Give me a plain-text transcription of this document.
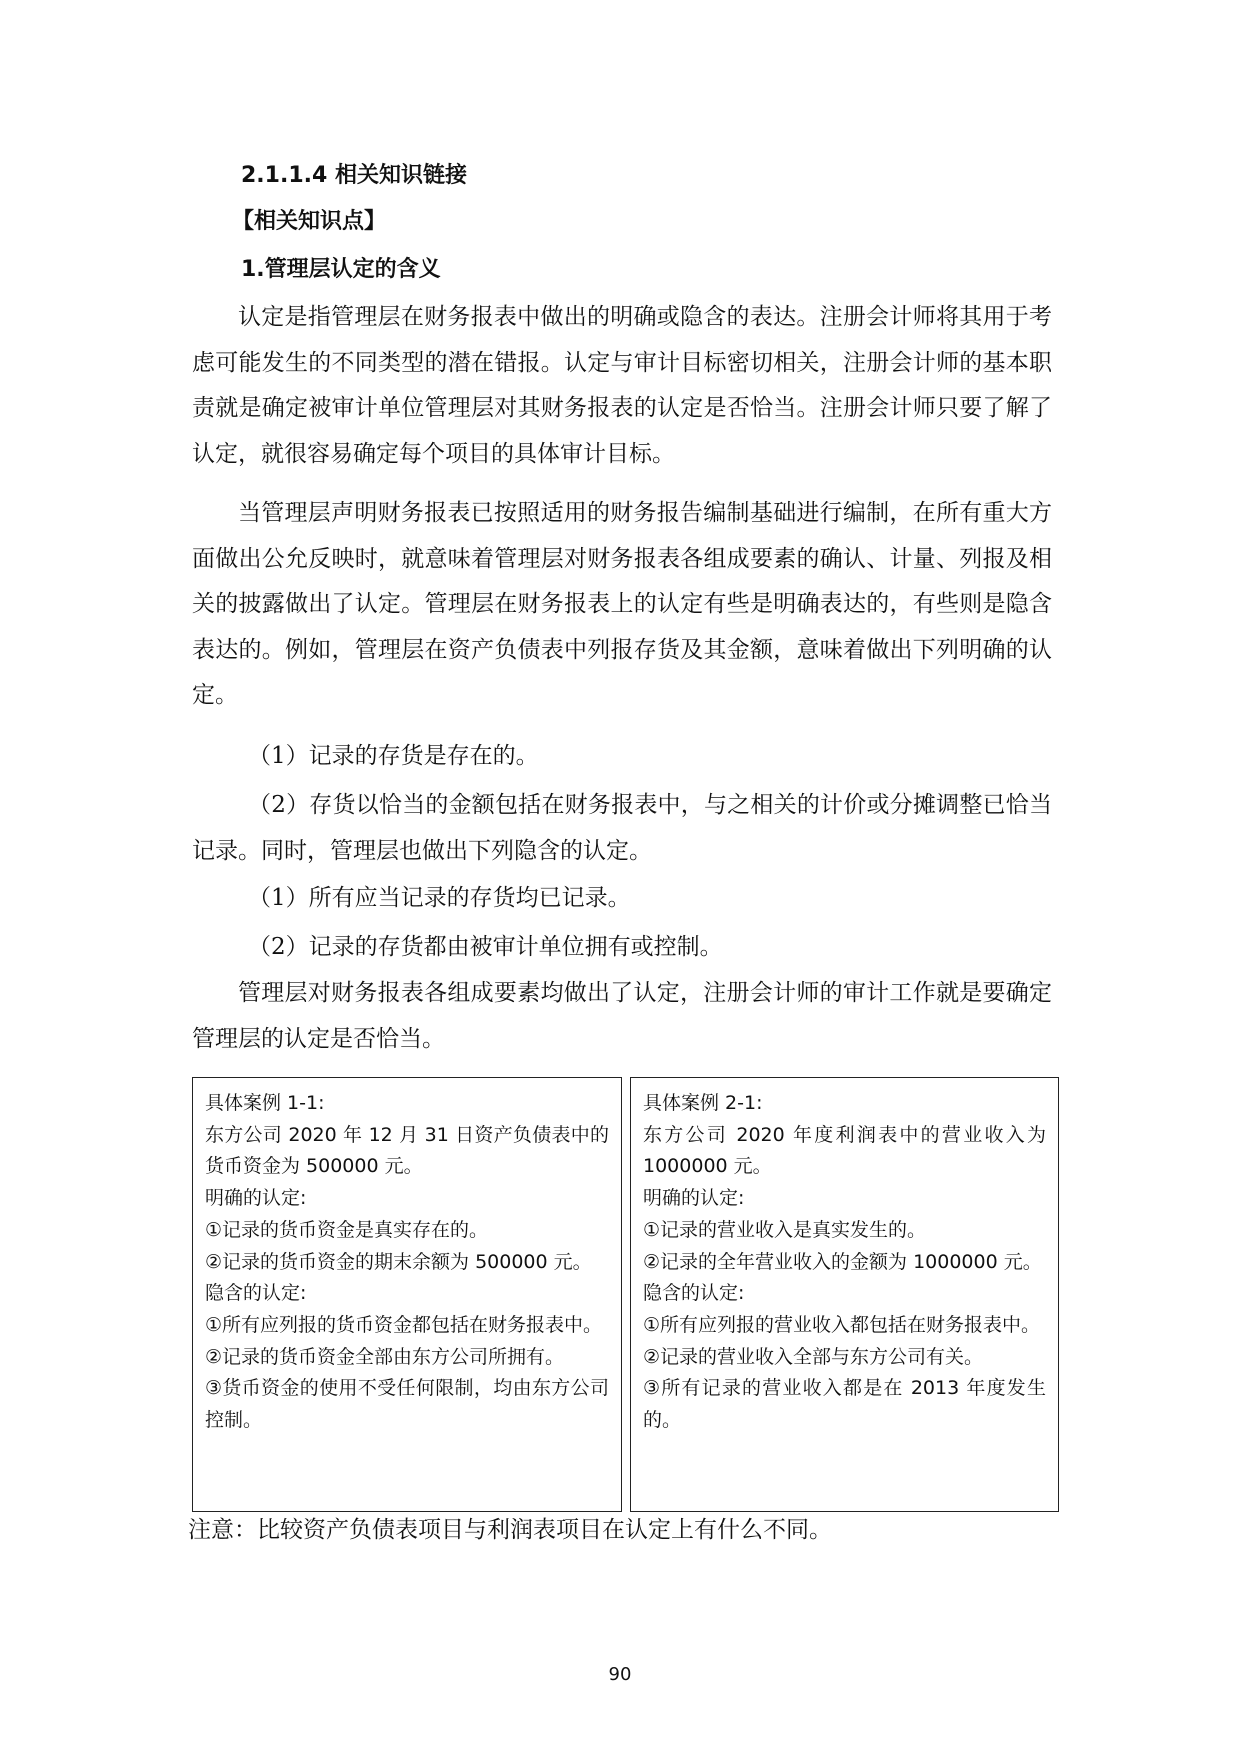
2.1.1.4 相关知识链接
【相关知识点】
1.管理层认定的含义
认定是指管理层在财务报表中做出的明确或隐含的表达。注册会计师将其用于考虑可能发生的不同类型的潜在错报。认定与审计目标密切相关，注册会计师的基本职责就是确定被审计单位管理层对其财务报表的认定是否恰当。注册会计师只要了解了认定，就很容易确定每个项目的具体审计目标。
当管理层声明财务报表已按照适用的财务报告编制基础进行编制，在所有重大方面做出公允反映时，就意味着管理层对财务报表各组成要素的确认、计量、列报及相关的披露做出了认定。管理层在财务报表上的认定有些是明确表达的，有些则是隐含表达的。例如，管理层在资产负债表中列报存货及其金额，意味着做出下列明确的认定。
（1）记录的存货是存在的。
（2）存货以恰当的金额包括在财务报表中，与之相关的计价或分摊调整已恰当记录。同时，管理层也做出下列隐含的认定。
（1）所有应当记录的存货均已记录。
（2）记录的存货都由被审计单位拥有或控制。
管理层对财务报表各组成要素均做出了认定，注册会计师的审计工作就是要确定管理层的认定是否恰当。
具体案例 1-1:
东方公司 2020 年 12 月 31 日资产负债表中的货币资金为 500000 元。
明确的认定:
①记录的货币资金是真实存在的。
②记录的货币资金的期末余额为 500000 元。
隐含的认定:
①所有应列报的货币资金都包括在财务报表中。
②记录的货币资金全部由东方公司所拥有。
③货币资金的使用不受任何限制，均由东方公司控制。
具体案例 2-1:
东方公司 2020 年度利润表中的营业收入为 1000000 元。
明确的认定:
①记录的营业收入是真实发生的。
②记录的全年营业收入的金额为 1000000 元。
隐含的认定:
①所有应列报的营业收入都包括在财务报表中。
②记录的营业收入全部与东方公司有关。
③所有记录的营业收入都是在 2013 年度发生的。
注意：比较资产负债表项目与利润表项目在认定上有什么不同。
90
